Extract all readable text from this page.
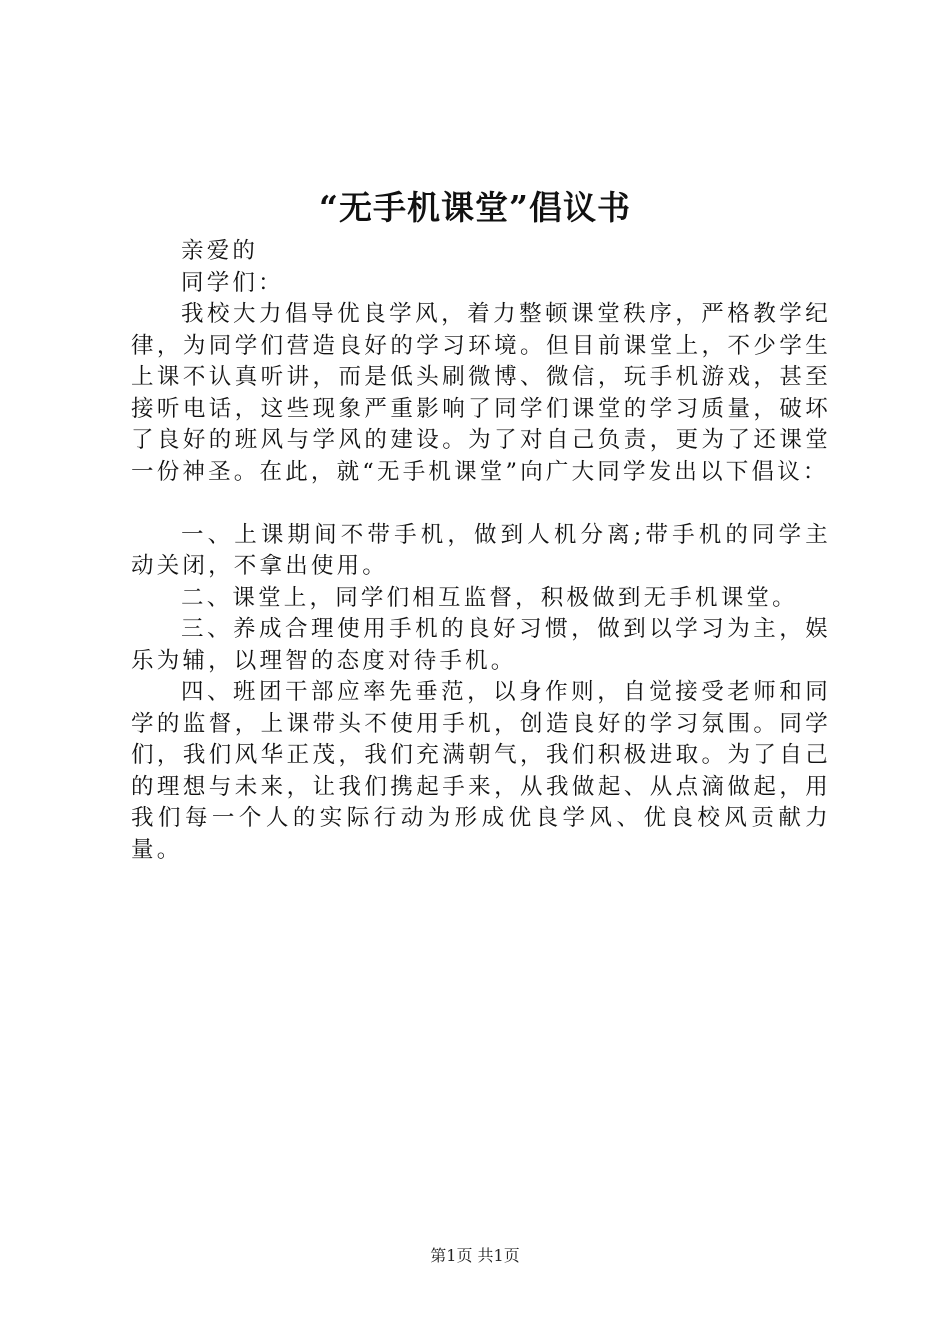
“无手机课堂”倡议书

亲爱的

同学们：

我校大力倡导优良学风，着力整顿课堂秩序，严格教学纪律，为同学们营造良好的学习环境。但目前课堂上，不少学生上课不认真听讲，而是低头刷微博、微信，玩手机游戏，甚至接听电话，这些现象严重影响了同学们课堂的学习质量，破坏了良好的班风与学风的建设。为了对自己负责，更为了还课堂一份神圣。在此，就“无手机课堂”向广大同学发出以下倡议：

一、上课期间不带手机，做到人机分离;带手机的同学主动关闭，不拿出使用。

二、课堂上，同学们相互监督，积极做到无手机课堂。

三、养成合理使用手机的良好习惯，做到以学习为主，娱乐为辅，以理智的态度对待手机。

四、班团干部应率先垂范，以身作则，自觉接受老师和同学的监督，上课带头不使用手机，创造良好的学习氛围。同学们，我们风华正茂，我们充满朝气，我们积极进取。为了自己的理想与未来，让我们携起手来，从我做起、从点滴做起，用我们每一个人的实际行动为形成优良学风、优良校风贡献力量。

第1页 共1页
